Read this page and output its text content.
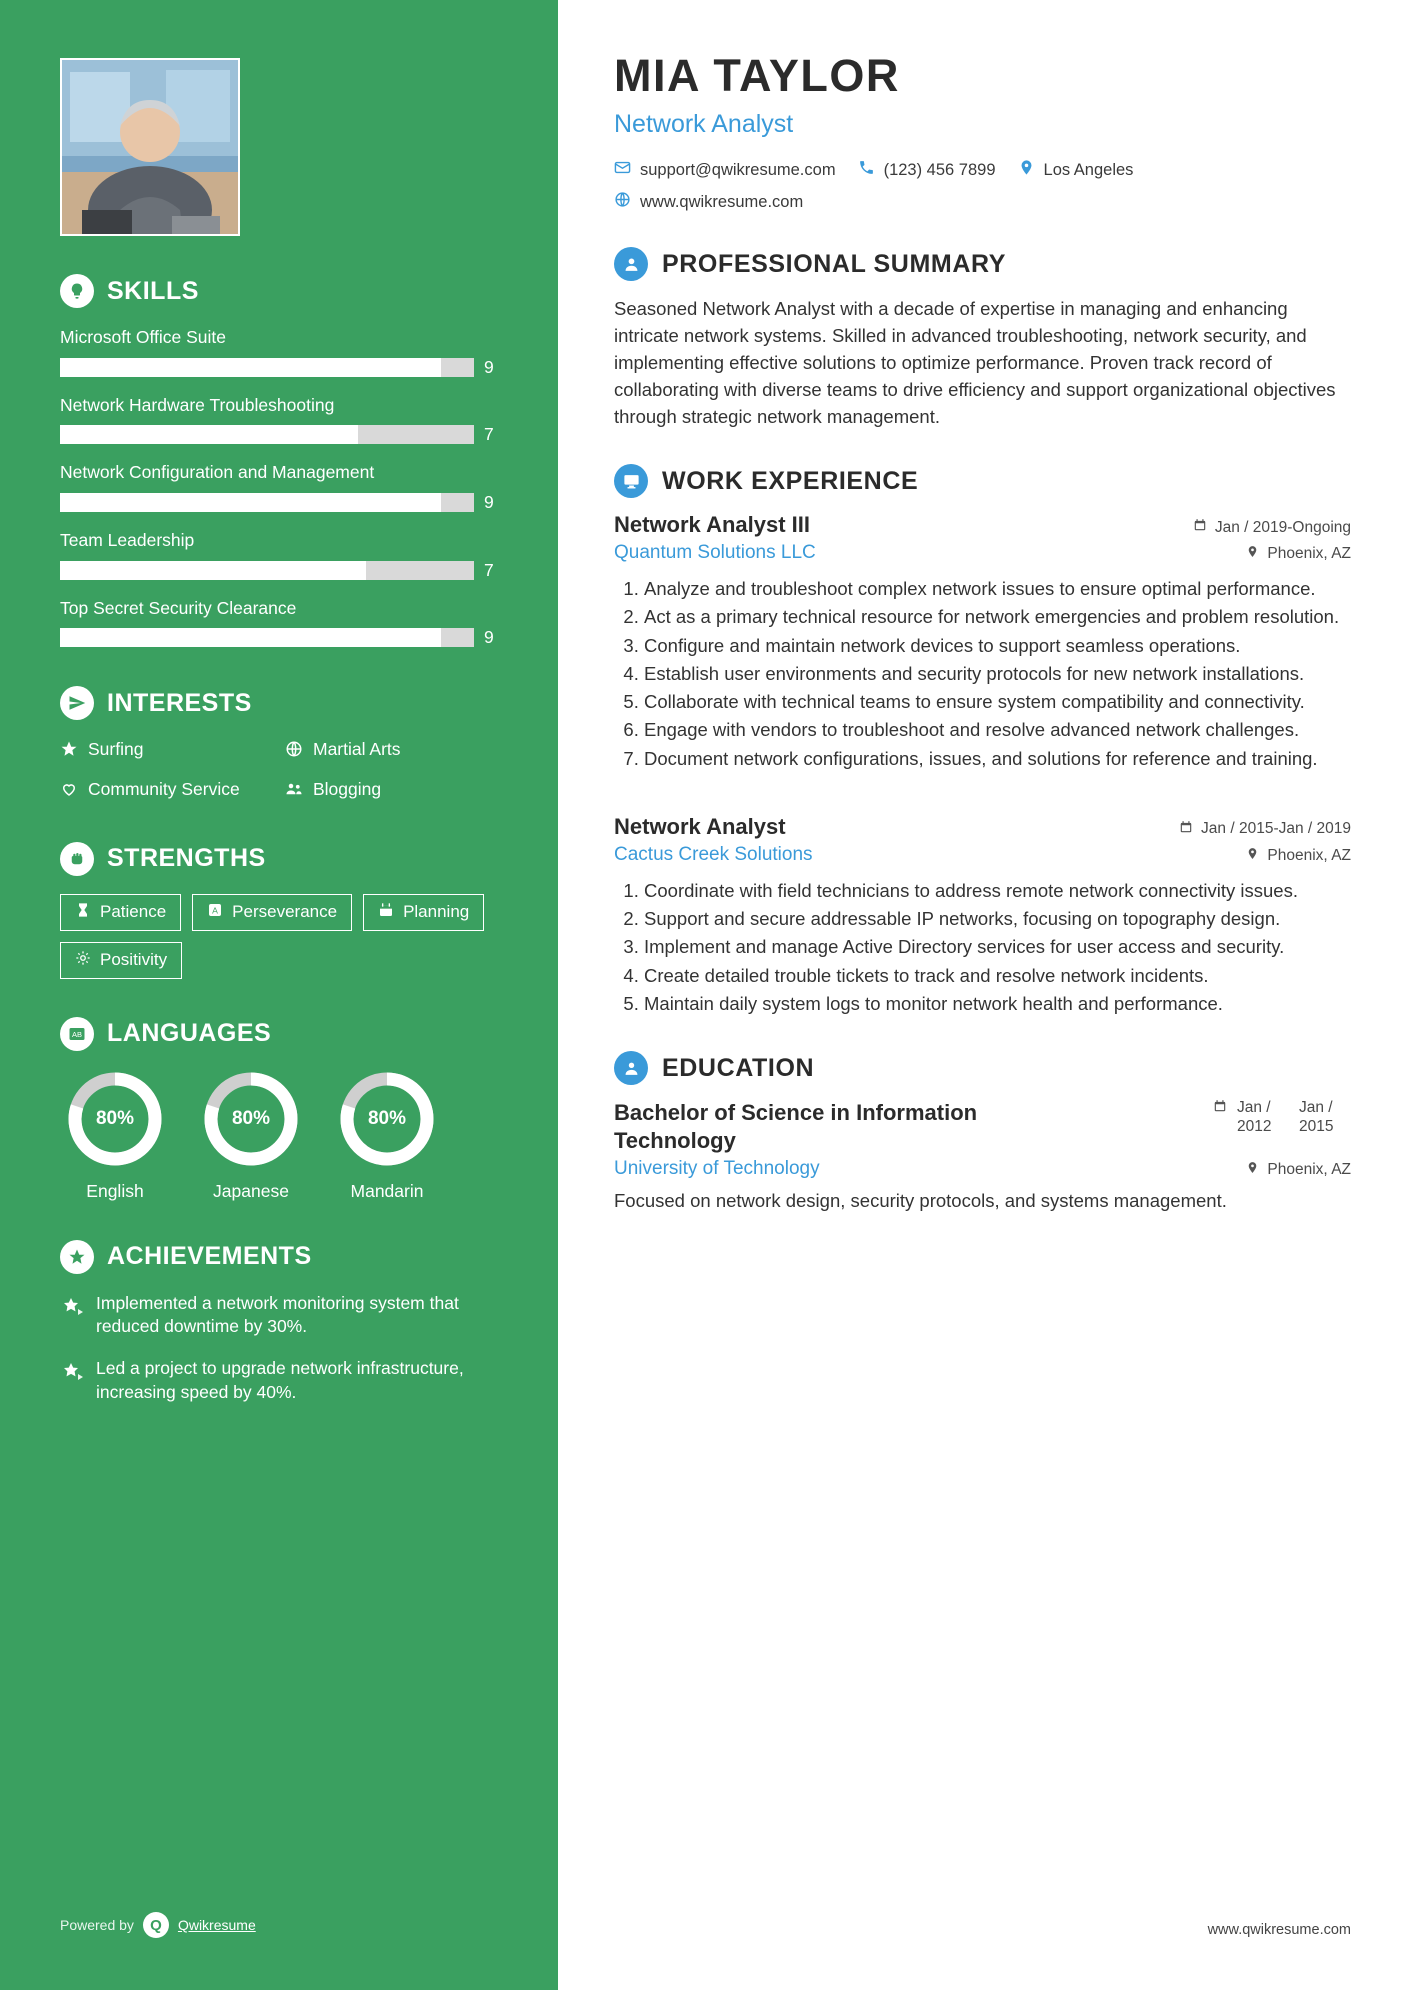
SKILLS
Microsoft Office Suite
9
Network Hardware Troubleshooting
7
Network Configuration and Management
9
Team Leadership
7
Top Secret Security Clearance
9
INTERESTS
Surfing	Martial Arts
Community Service	Blogging
STRENGTHS
Patience	A Perseverance	Planning
Positivity
AB LANGUAGES
80%
English
80%
Japanese
80%
Mandarin
ACHIEVEMENTS

Implemented a network monitoring system that reduced downtime by 30%.

Led a project to upgrade network infrastructure, increasing speed by 40%.

Powered by	Q	Qwikresume
MIA TAYLOR
Network Analyst
support@qwikresume.com	(123) 456 7899	Los Angeles
www.qwikresume.com
PROFESSIONAL SUMMARY

Seasoned Network Analyst with a decade of expertise in managing and enhancing intricate network systems. Skilled in advanced troubleshooting, network security, and implementing effective solutions to optimize performance. Proven track record of collaborating with diverse teams to drive efficiency and support organizational objectives through strategic network management.

WORK EXPERIENCE
Network Analyst III	Jan / 2019-Ongoing
Quantum Solutions LLC	Phoenix, AZ
1. Analyze and troubleshoot complex network issues to ensure optimal performance.
2. Act as a primary technical resource for network emergencies and problem resolution.
3. Configure and maintain network devices to support seamless operations.
4. Establish user environments and security protocols for new network installations.
5. Collaborate with technical teams to ensure system compatibility and connectivity.
6. Engage with vendors to troubleshoot and resolve advanced network challenges.
7. Document network configurations, issues, and solutions for reference and training.
Network Analyst	Jan / 2015-Jan / 2019
Cactus Creek Solutions	Phoenix, AZ
1. Coordinate with field technicians to address remote network connectivity issues.
2. Support and secure addressable IP networks, focusing on topography design.
3. Implement and manage Active Directory services for user access and security.
4. Create detailed trouble tickets to track and resolve network incidents.
5. Maintain daily system logs to monitor network health and performance.
EDUCATION
Bachelor of Science in Information Technology
Jan / 2012
Jan / 2015
University of Technology	Phoenix, AZ

Focused on network design, security protocols, and systems management.

www.qwikresume.com
